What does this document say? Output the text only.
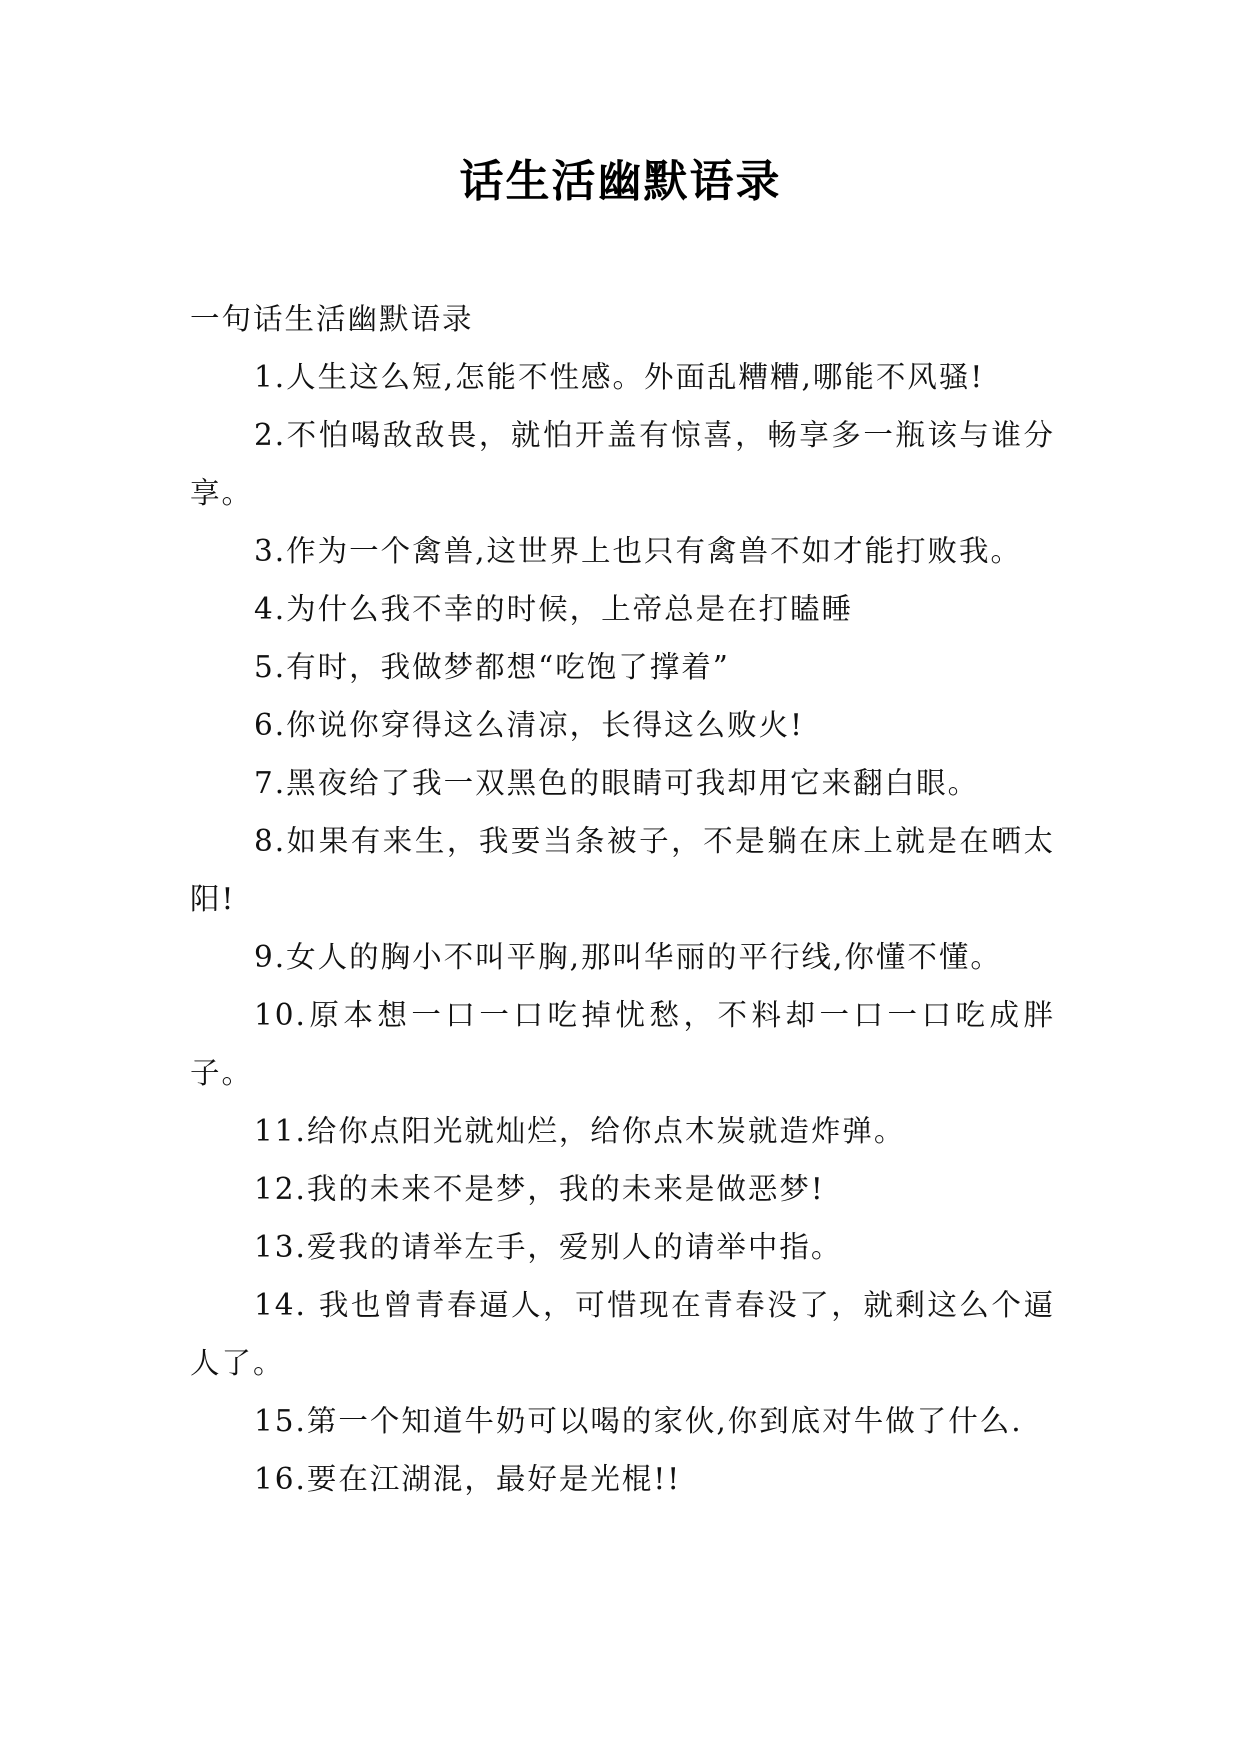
话生活幽默语录

一句话生活幽默语录

1.人生这么短,怎能不性感。外面乱糟糟,哪能不风骚!

2.不怕喝敌敌畏，就怕开盖有惊喜，畅享多一瓶该与谁分享。

3.作为一个禽兽,这世界上也只有禽兽不如才能打败我。

4.为什么我不幸的时候，上帝总是在打瞌睡

5.有时，我做梦都想“吃饱了撑着”

6.你说你穿得这么清凉，长得这么败火!

7.黑夜给了我一双黑色的眼睛可我却用它来翻白眼。

8.如果有来生，我要当条被子，不是躺在床上就是在晒太阳!

9.女人的胸小不叫平胸,那叫华丽的平行线,你懂不懂。

10.原本想一口一口吃掉忧愁，不料却一口一口吃成胖子。

11.给你点阳光就灿烂，给你点木炭就造炸弹。

12.我的未来不是梦，我的未来是做恶梦!

13.爱我的请举左手，爱别人的请举中指。

14. 我也曾青春逼人，可惜现在青春没了，就剩这么个逼人了。

15.第一个知道牛奶可以喝的家伙,你到底对牛做了什么.

16.要在江湖混，最好是光棍!!
